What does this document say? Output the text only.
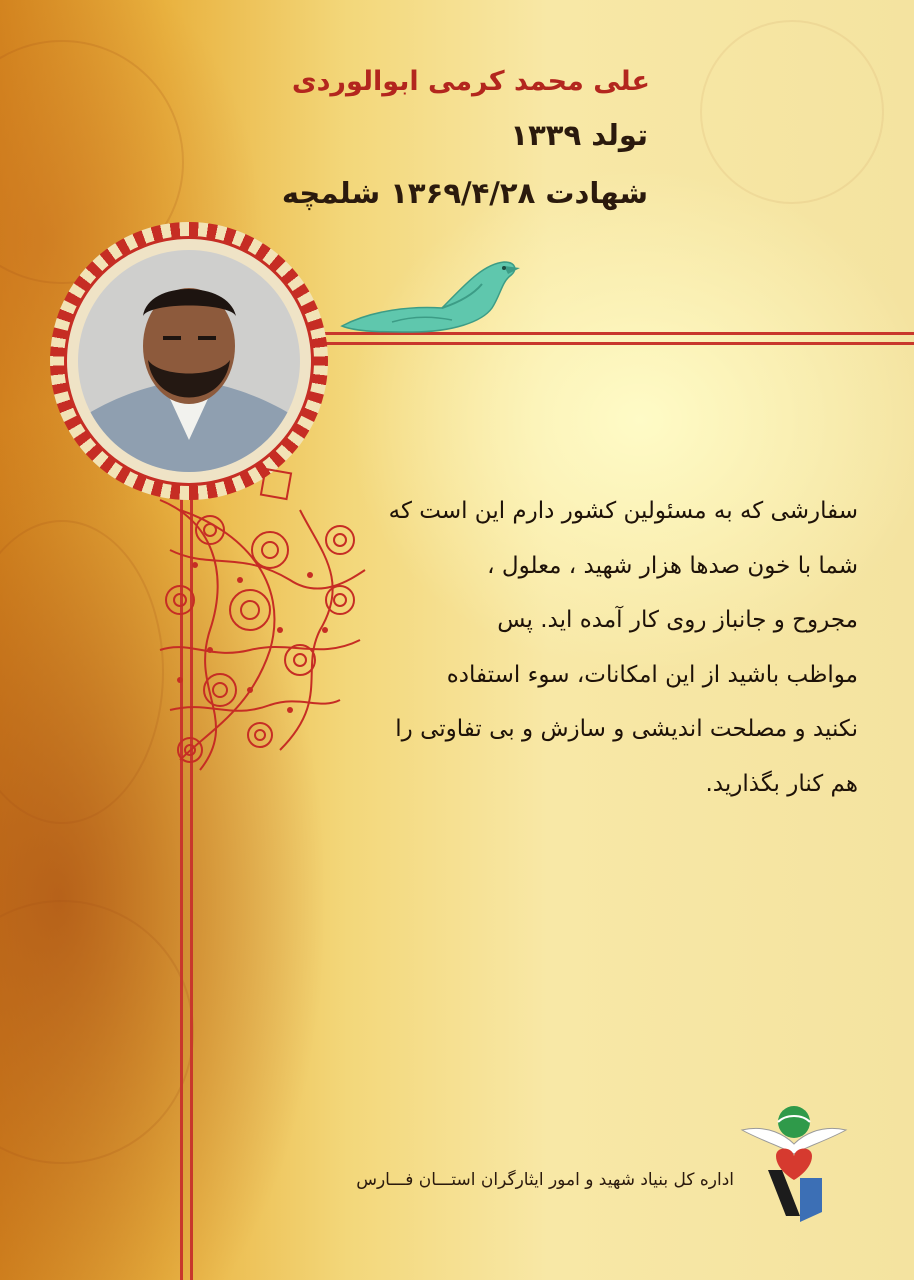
علی محمد کرمی ابوالوردی
تولد ۱۳۳۹
شهادت ۱۳۶۹/۴/۲۸ شلمچه

سفارشی که به مسئولین کشور دارم این است که

شما با خون صدها هزار شهید ، معلول ،

مجروح و جانباز روی کار آمده اید. پس

مواظب باشید از این امکانات، سوء استفاده

نکنید و مصلحت اندیشی و سازش و بی تفاوتی را

هم کنار بگذارید.

اداره کل بنیاد شهید و امور ایثارگران استـــان فـــارس
